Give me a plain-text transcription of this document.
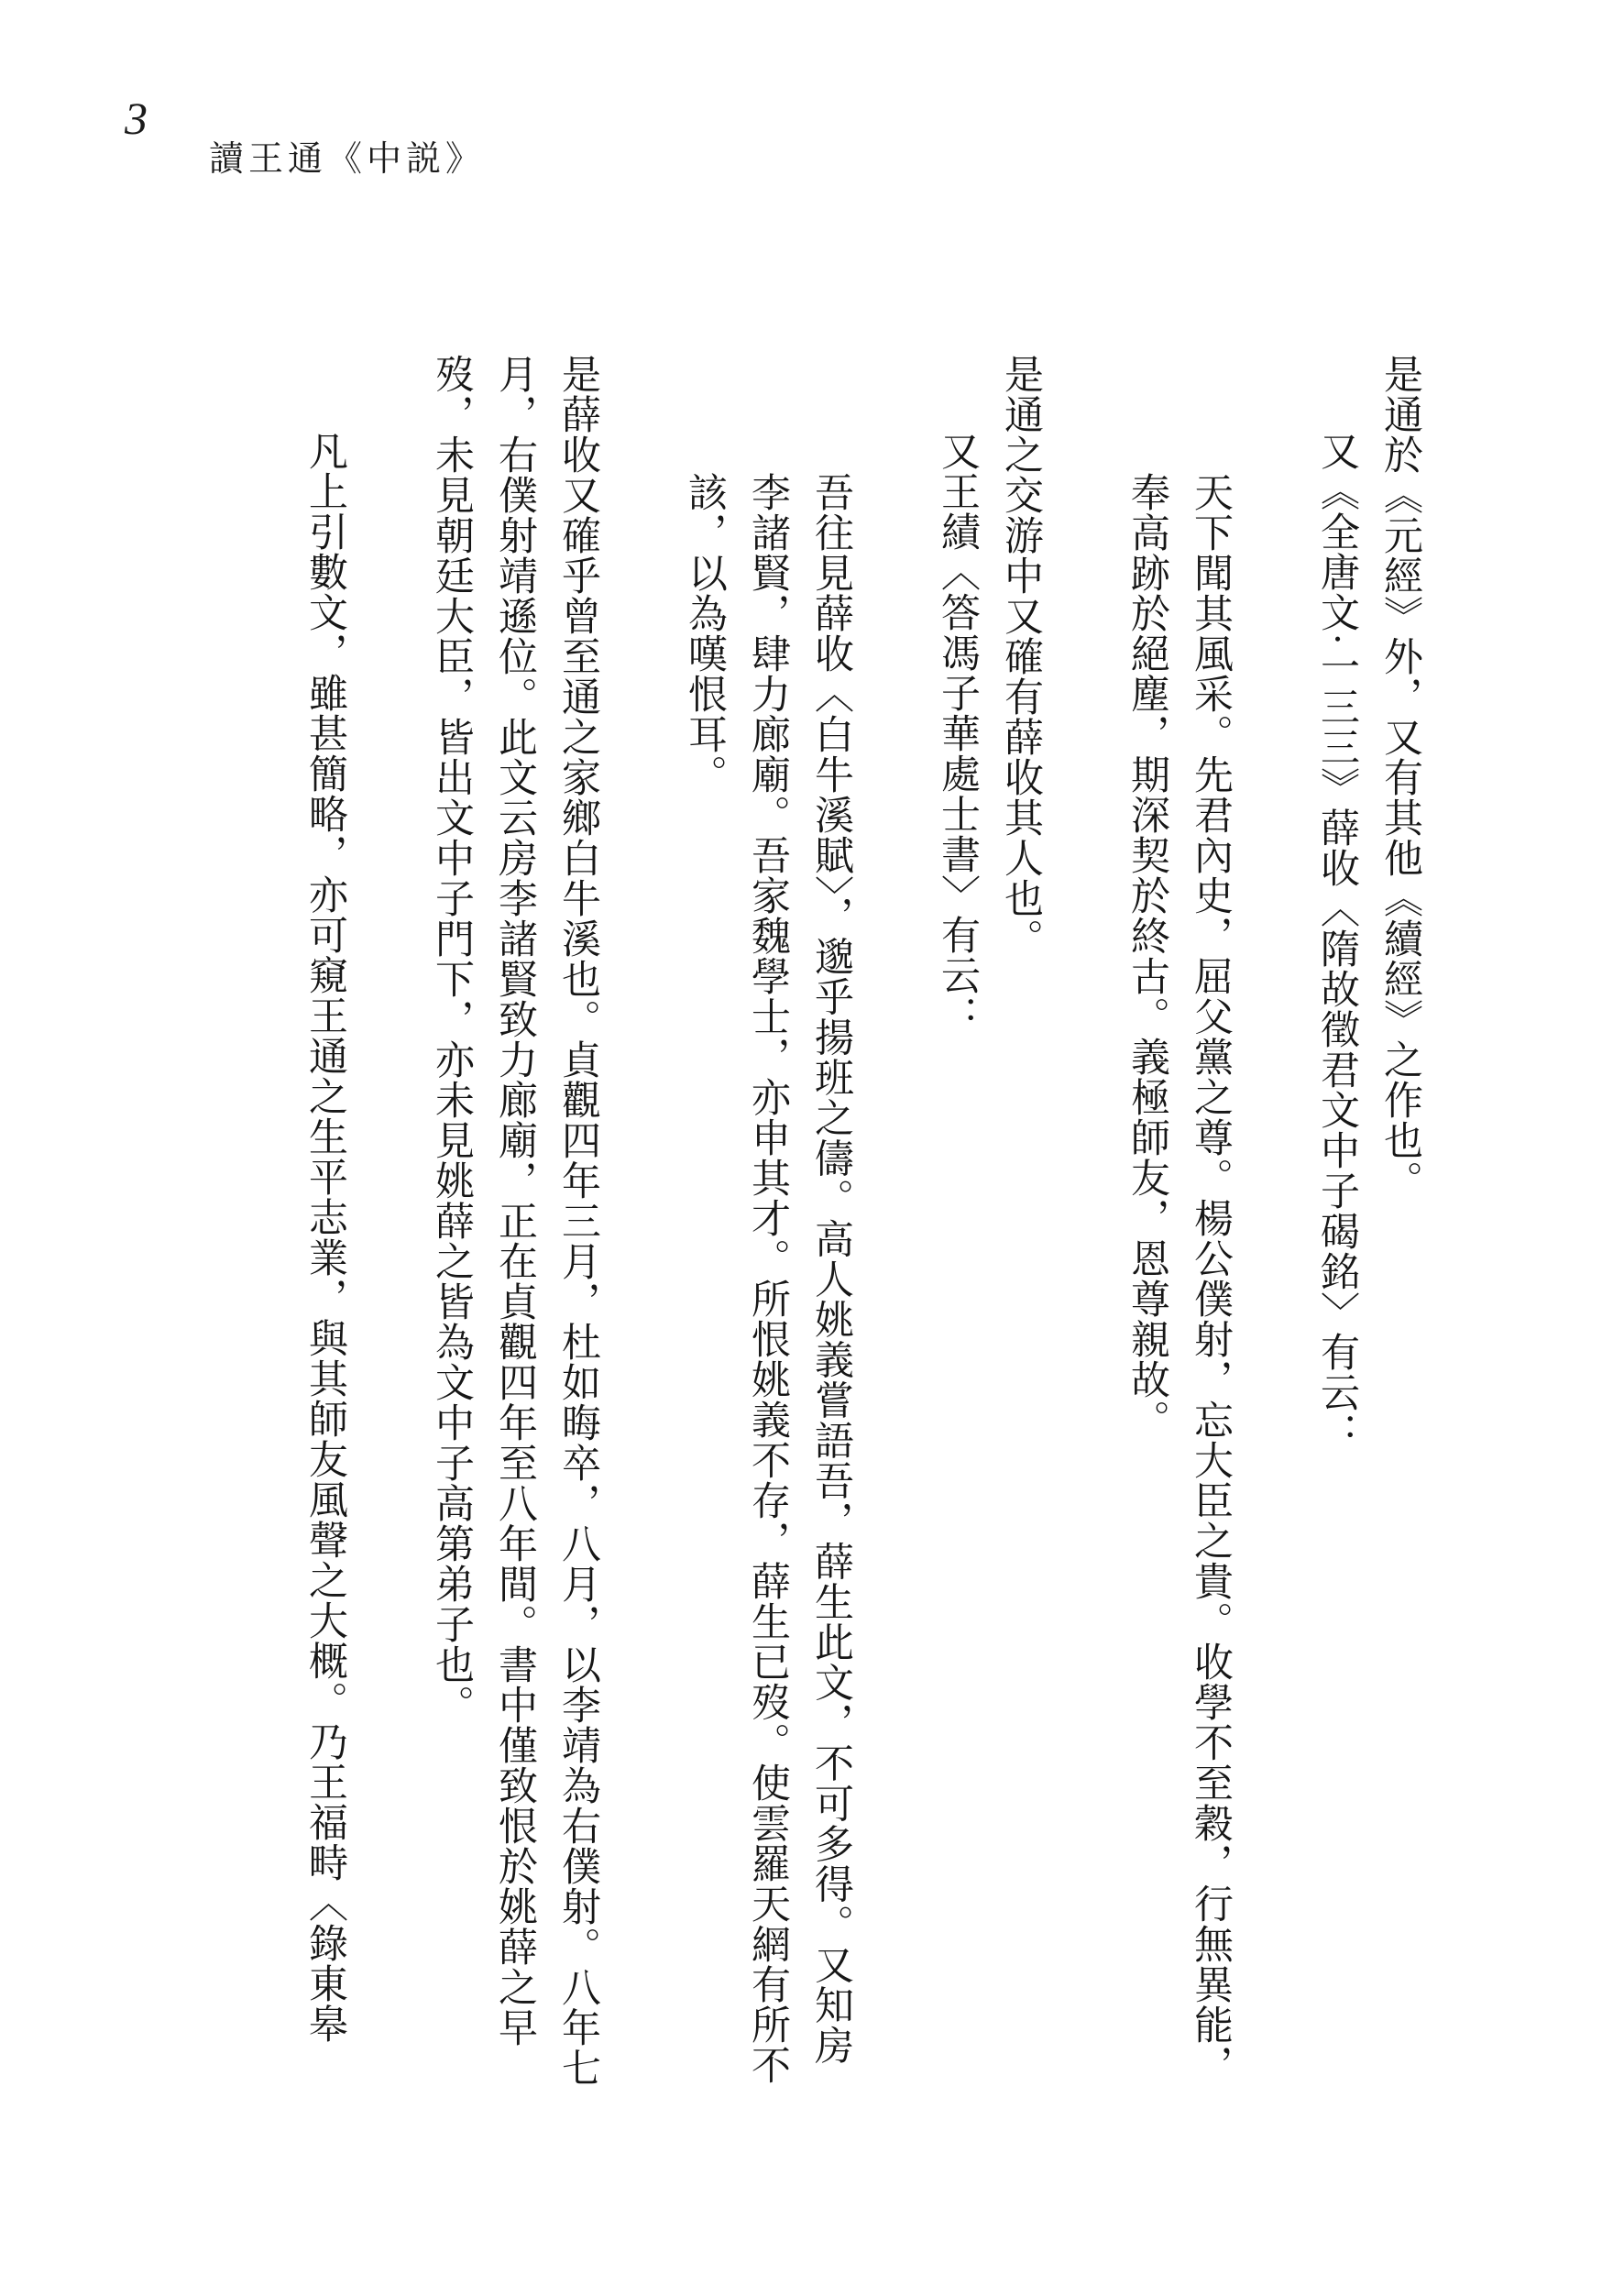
3
讀王通《中説》

是通於《元經》外，又有其他《續經》之作也。

又《全唐文·一三三》薛收〈隋故徵君文中子碣銘〉有云：

天下聞其風采。先君內史，屈父黨之尊。楊公僕射，忘大臣之貴。收學不至穀，行無異能，奉高跡於絕塵，期深契於終古。義極師友，恩尊親故。

是通之交游中又確有薛收其人也。

又王績〈答馮子華處士書〉有云：

吾往見薛收〈白牛溪賦〉，邈乎揚班之儔。高人姚義嘗語吾，薛生此文，不可多得。又知房李諸賢，肆力廊廟。吾家魏學士，亦申其才。所恨姚義不存，薛生已歿。使雲羅天網有所不該，以為嘆恨耳。

是薛收又確乎曾至通之家鄉白牛溪也。貞觀四年三月，杜如晦卒，八月，以李靖為右僕射。八年七月，右僕射靖遜位。此文云房李諸賢致力廊廟，正在貞觀四年至八年間。書中僅致恨於姚薛之早歿，未見朝廷大臣，皆出文中子門下，亦未見姚薛之皆為文中子高第弟子也。

凡上引數文，雖甚簡略，亦可窺王通之生平志業，與其師友風聲之大概。乃王福畤〈錄東皋
